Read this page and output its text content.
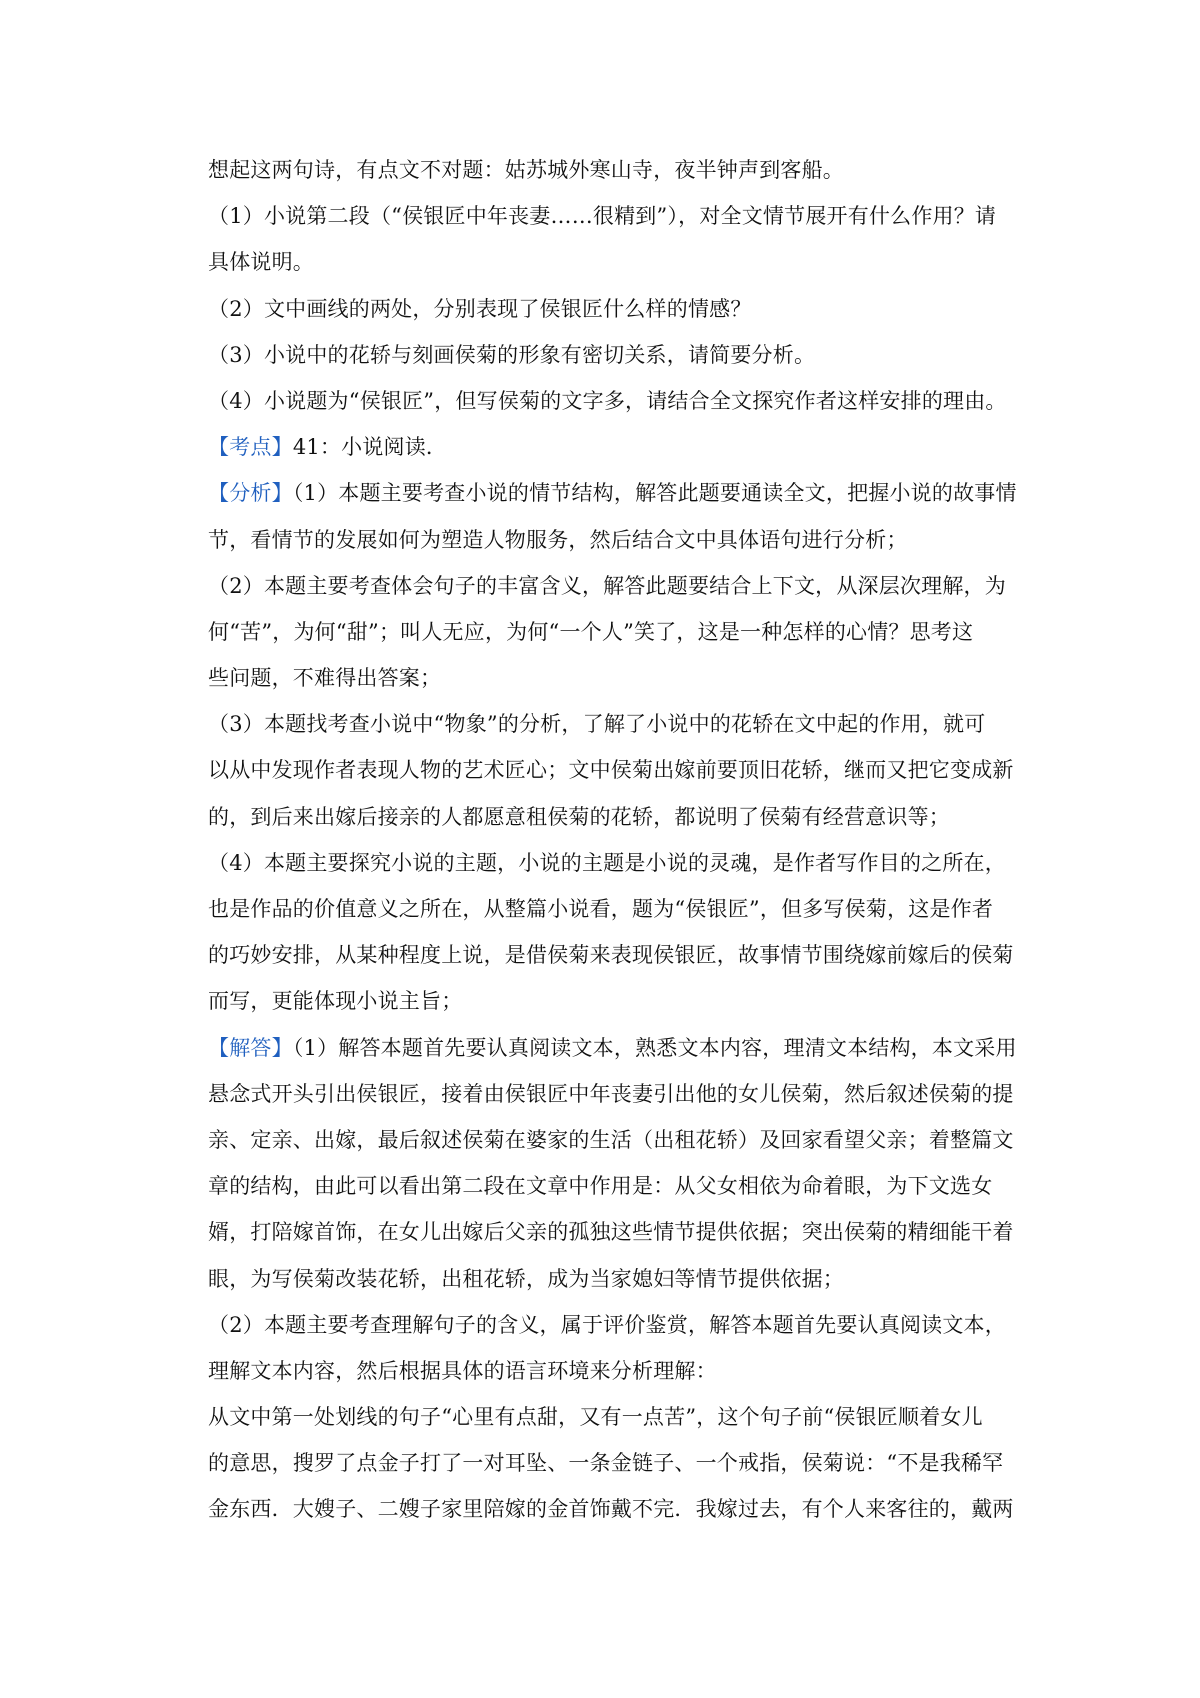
想起这两句诗，有点文不对题：姑苏城外寒山寺，夜半钟声到客船。
（1）小说第二段（“侯银匠中年丧妻……很精到”），对全文情节展开有什么作用？请
具体说明。
（2）文中画线的两处，分别表现了侯银匠什么样的情感？
（3）小说中的花轿与刻画侯菊的形象有密切关系，请简要分析。
（4）小说题为“侯银匠”，但写侯菊的文字多，请结合全文探究作者这样安排的理由。
【考点】41：小说阅读．
【分析】（1）本题主要考查小说的情节结构，解答此题要通读全文，把握小说的故事情
节，看情节的发展如何为塑造人物服务，然后结合文中具体语句进行分析；
（2）本题主要考查体会句子的丰富含义，解答此题要结合上下文，从深层次理解，为
何“苦”，为何“甜”；叫人无应，为何“一个人”笑了，这是一种怎样的心情？思考这
些问题，不难得出答案；
（3）本题找考查小说中“物象”的分析，了解了小说中的花轿在文中起的作用，就可
以从中发现作者表现人物的艺术匠心；文中侯菊出嫁前要顶旧花轿，继而又把它变成新
的，到后来出嫁后接亲的人都愿意租侯菊的花轿，都说明了侯菊有经营意识等；
（4）本题主要探究小说的主题，小说的主题是小说的灵魂，是作者写作目的之所在，
也是作品的价值意义之所在，从整篇小说看，题为“侯银匠”，但多写侯菊，这是作者
的巧妙安排，从某种程度上说，是借侯菊来表现侯银匠，故事情节围绕嫁前嫁后的侯菊
而写，更能体现小说主旨；
【解答】（1）解答本题首先要认真阅读文本，熟悉文本内容，理清文本结构，本文采用
悬念式开头引出侯银匠，接着由侯银匠中年丧妻引出他的女儿侯菊，然后叙述侯菊的提
亲、定亲、出嫁，最后叙述侯菊在婆家的生活（出租花轿）及回家看望父亲；着整篇文
章的结构，由此可以看出第二段在文章中作用是：从父女相依为命着眼，为下文选女
婿，打陪嫁首饰，在女儿出嫁后父亲的孤独这些情节提供依据；突出侯菊的精细能干着
眼，为写侯菊改装花轿，出租花轿，成为当家媳妇等情节提供依据；
（2）本题主要考查理解句子的含义，属于评价鉴赏，解答本题首先要认真阅读文本，
理解文本内容，然后根据具体的语言环境来分析理解：
从文中第一处划线的句子“心里有点甜，又有一点苦”，这个句子前“侯银匠顺着女儿
的意思，搜罗了点金子打了一对耳坠、一条金链子、一个戒指，侯菊说：“不是我稀罕
金东西．大嫂子、二嫂子家里陪嫁的金首饰戴不完．我嫁过去，有个人来客往的，戴两
